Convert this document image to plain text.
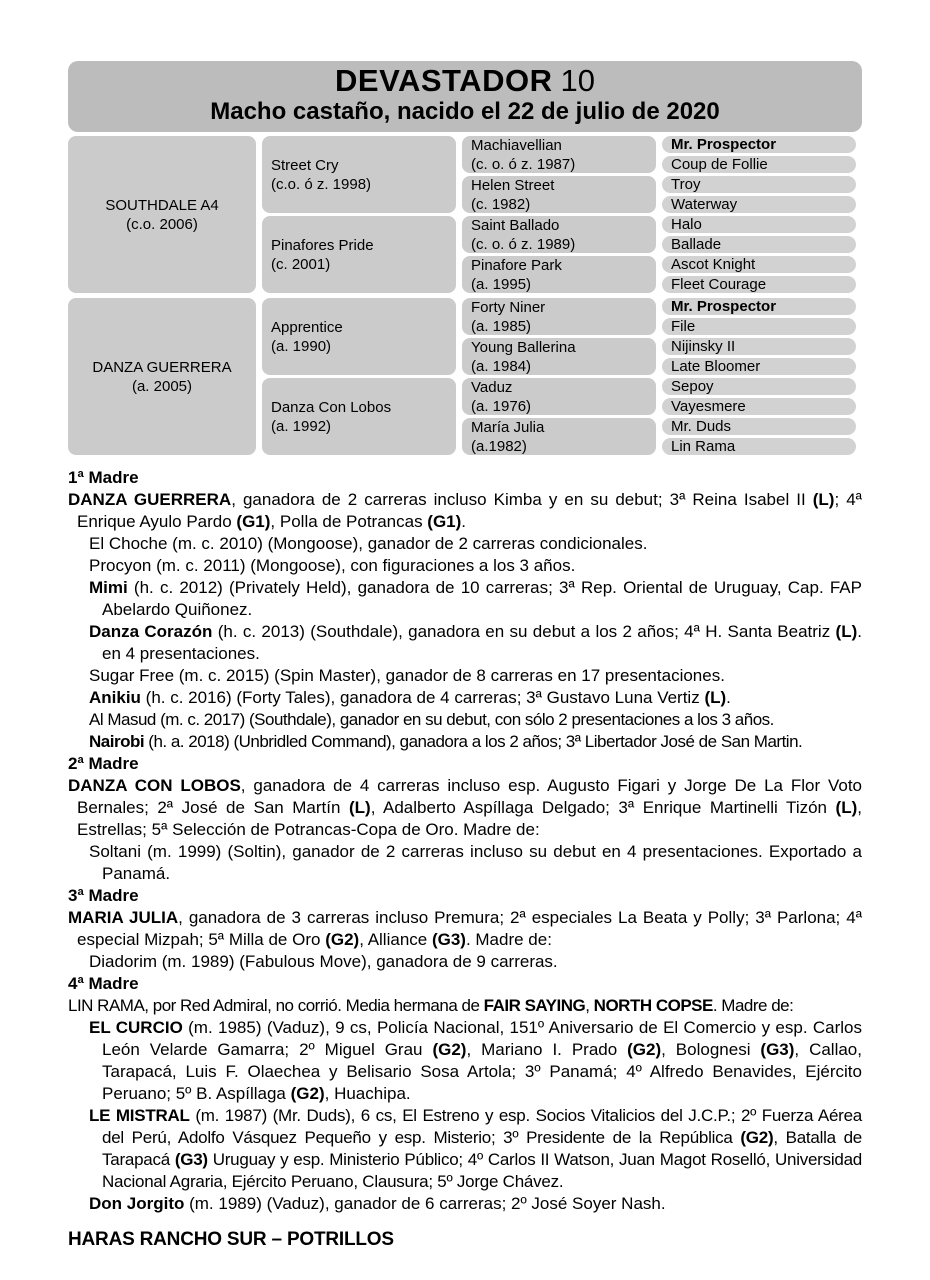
DEVASTADOR 10
Macho castaño, nacido el 22 de julio de 2020
SOUTHDALE A4
(c.o. 2006)
Street Cry
(c.o. ó z. 1998)
Pinafores Pride
(c. 2001)
Machiavellian
(c. o. ó z. 1987)
Helen Street
(c. 1982)
Saint Ballado
(c. o. ó z. 1989)
Pinafore Park
(a. 1995)
Mr. Prospector
Coup de Follie
Troy
Waterway
Halo
Ballade
Ascot Knight
Fleet Courage
DANZA GUERRERA
(a. 2005)
Apprentice
(a. 1990)
Danza Con Lobos
(a. 1992)
Forty Niner
(a. 1985)
Young Ballerina
(a. 1984)
Vaduz
(a. 1976)
María Julia
(a.1982)
Mr. Prospector
File
Nijinsky II
Late Bloomer
Sepoy
Vayesmere
Mr. Duds
Lin Rama
1ª Madre

DANZA GUERRERA, ganadora de 2 carreras incluso Kimba y en su debut; 3ª Reina Isabel II (L); 4ª Enrique Ayulo Pardo (G1), Polla de Potrancas (G1).

El Choche (m. c. 2010) (Mongoose), ganador de 2 carreras condicionales.

Procyon (m. c. 2011) (Mongoose), con figuraciones a los 3 años.

Mimi (h. c. 2012) (Privately Held), ganadora de 10 carreras; 3ª Rep. Oriental de Uruguay, Cap. FAP Abelardo Quiñonez.

Danza Corazón (h. c. 2013) (Southdale), ganadora en su debut a los 2 años; 4ª H. Santa Beatriz (L). en 4 presentaciones.

Sugar Free (m. c. 2015) (Spin Master), ganador de 8 carreras en 17 presentaciones.

Anikiu (h. c. 2016) (Forty Tales), ganadora de 4 carreras; 3ª Gustavo Luna Vertiz (L).

Al Masud (m. c. 2017) (Southdale), ganador en su debut, con sólo 2 presentaciones a los 3 años.

Nairobi (h. a. 2018) (Unbridled Command), ganadora a los 2 años; 3ª Libertador José de San Martin.

2ª Madre

DANZA CON LOBOS, ganadora de 4 carreras incluso esp. Augusto Figari y Jorge De La Flor Voto Bernales; 2ª José de San Martín (L), Adalberto Aspíllaga Delgado; 3ª Enrique Martinelli Tizón (L), Estrellas; 5ª Selección de Potrancas-Copa de Oro. Madre de:

Soltani (m. 1999) (Soltin), ganador de 2 carreras incluso su debut en 4 presentaciones. Exportado a Panamá.

3ª Madre

MARIA JULIA, ganadora de 3 carreras incluso Premura; 2ª especiales La Beata y Polly; 3ª Parlona; 4ª especial Mizpah; 5ª Milla de Oro (G2), Alliance (G3). Madre de:

Diadorim (m. 1989) (Fabulous Move), ganadora de 9 carreras.

4ª Madre

LIN RAMA, por Red Admiral, no corrió. Media hermana de FAIR SAYING, NORTH COPSE. Madre de:

EL CURCIO (m. 1985) (Vaduz), 9 cs, Policía Nacional, 151º Aniversario de El Comercio y esp. Carlos León Velarde Gamarra; 2º Miguel Grau (G2), Mariano I. Prado (G2), Bolognesi (G3), Callao, Tarapacá, Luis F. Olaechea y Belisario Sosa Artola; 3º Panamá; 4º Alfredo Benavides, Ejército Peruano; 5º B. Aspíllaga (G2), Huachipa.

LE MISTRAL (m. 1987) (Mr. Duds), 6 cs, El Estreno y esp. Socios Vitalicios del J.C.P.; 2º Fuerza Aérea del Perú, Adolfo Vásquez Pequeño y esp. Misterio; 3º Presidente de la República (G2), Batalla de Tarapacá (G3) Uruguay y esp. Ministerio Público; 4º Carlos II Watson, Juan Magot Roselló, Universidad Nacional Agraria, Ejército Peruano, Clausura; 5º Jorge Chávez.

Don Jorgito (m. 1989) (Vaduz), ganador de 6 carreras; 2º José Soyer Nash.

HARAS RANCHO SUR – POTRILLOS
